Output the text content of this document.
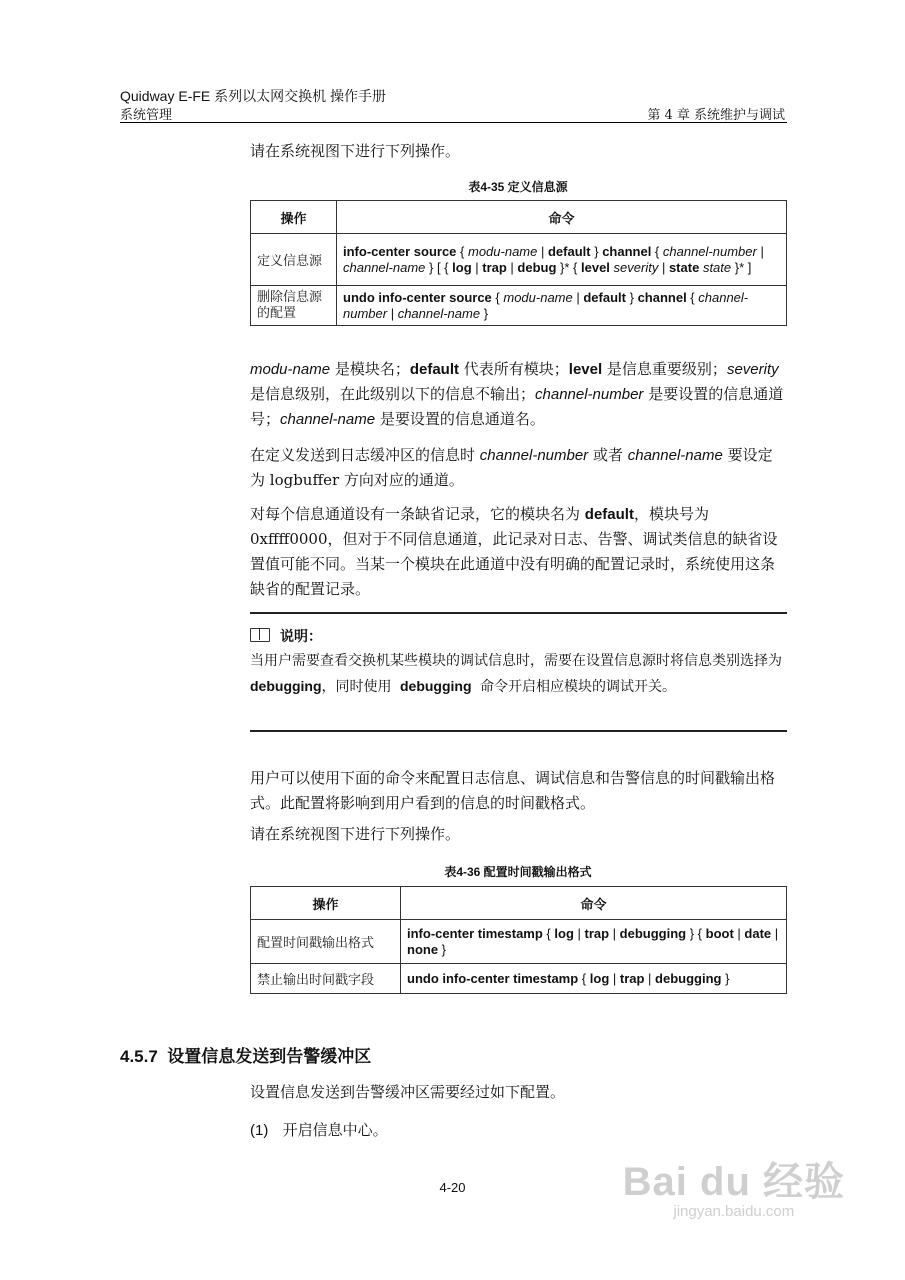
Quidway E-FE 系列以太网交换机 操作手册
系统管理	第 4 章 系统维护与调试
请在系统视图下进行下列操作。
表4-35 定义信息源
操作	命令
定义信息源	info-center source { modu-name | default } channel { channel-number | channel-name } [ { log | trap | debug }* { level severity | state state }* ]
删除信息源的配置	undo info-center source { modu-name | default } channel { channel-number | channel-name }
modu-name 是模块名；default 代表所有模块；level 是信息重要级别；severity 是信息级别，在此级别以下的信息不输出；channel-number 是要设置的信息通道号；channel-name 是要设置的信息通道名。
在定义发送到日志缓冲区的信息时 channel-number 或者 channel-name 要设定为 logbuffer 方向对应的通道。
对每个信息通道设有一条缺省记录，它的模块名为 default，模块号为 0xffff0000，但对于不同信息通道，此记录对日志、告警、调试类信息的缺省设置值可能不同。当某一个模块在此通道中没有明确的配置记录时，系统使用这条缺省的配置记录。
说明：
当用户需要查看交换机某些模块的调试信息时，需要在设置信息源时将信息类别选择为 debugging，同时使用 debugging 命令开启相应模块的调试开关。
用户可以使用下面的命令来配置日志信息、调试信息和告警信息的时间戳输出格式。此配置将影响到用户看到的信息的时间戳格式。
请在系统视图下进行下列操作。
表4-36 配置时间戳输出格式
操作	命令
配置时间戳输出格式	info-center timestamp { log | trap | debugging } { boot | date | none }
禁止输出时间戳字段	undo info-center timestamp { log | trap | debugging }
4.5.7 设置信息发送到告警缓冲区
设置信息发送到告警缓冲区需要经过如下配置。
(1) 开启信息中心。
4-20	Bai du 经验
jingyan.baidu.com
